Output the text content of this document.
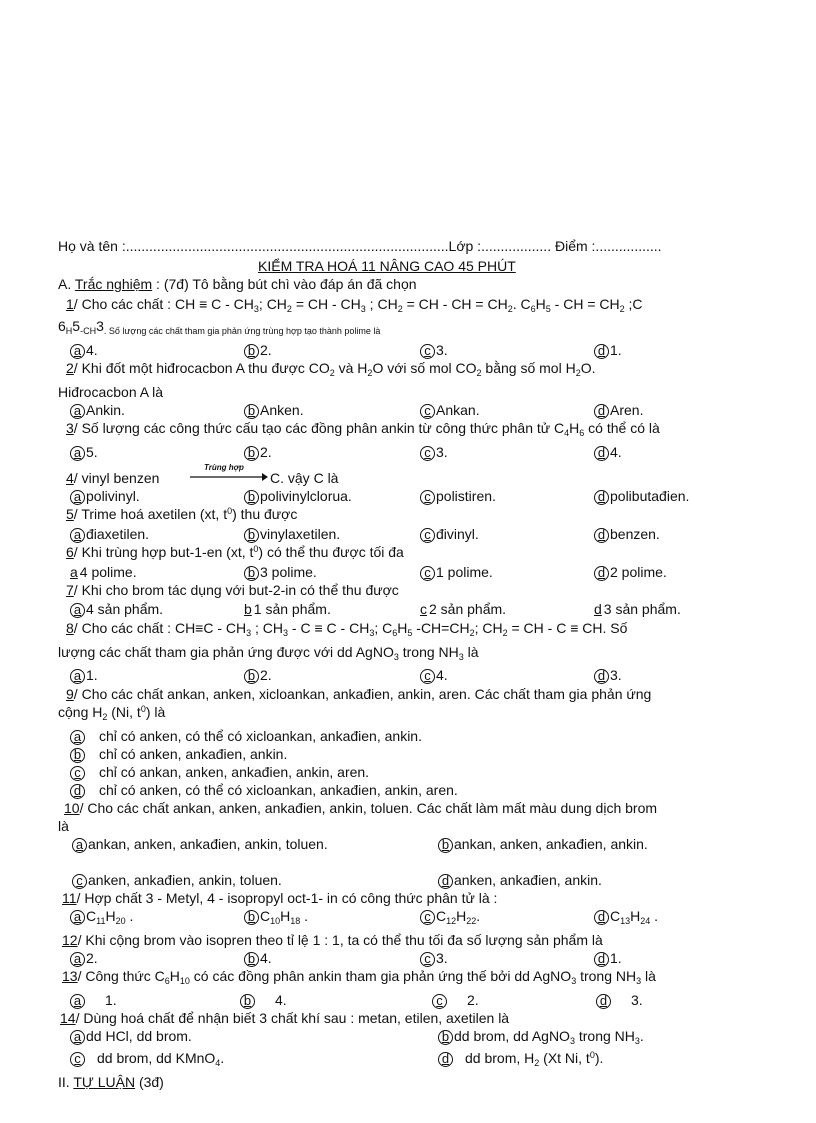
Họ và tên :...................................................................................Lớp :.................. Điểm :.................
KIỂM TRA HOÁ 11 NÂNG CAO 45 PHÚT
A. Trắc nghiệm : (7đ) Tô bằng bút chì vào đáp án đã chọn
1/ Cho các chất : CH ≡ C - $CH_3$; $CH_2$ = CH - $CH_3$ ; $CH_2$ = CH - CH = $CH_2$. $C_6H_5$ - CH = $CH_2$ ;C
$6_H5_{-CH}3_{. Số lượng các chất tham gia phản ứng trùng hợp tạo thành polime là}$
a 4.	b 2.	c 3.	d 1.
2/ Khi đốt một hiđrocacbon A thu được $CO_2$ và $H_2O$ với số mol $CO_2$ bằng số mol $H_2O$.
Hiđrocacbon A là
a Ankin.	b Anken.	c Ankan.	d Aren.
3/ Số lượng các công thức cấu tạo các đồng phân ankin từ công thức phân tử $C_4H_6$ có thể có là
a 5.	b 2.	c 3.	d 4.
4/ vinyl benzen
Trùng hợp
C. vậy C là
a polivinyl.	b polivinylclorua.	c polistiren.	d polibutađien.
5/ Trime hoá axetilen (xt, $t^0$) thu được
a điaxetilen.	b vinylaxetilen.	c đivinyl.	d benzen.
6/ Khi trùng hợp but-1-en (xt, $t^0$) có thể thu được tối đa
a 4 polime.	b 3 polime.	c 1 polime.	d 2 polime.
7/ Khi cho brom tác dụng với but-2-in có thể thu được
a 4 sản phẩm.	b 1 sản phẩm.	c 2 sản phẩm.	d 3 sản phẩm.
8/ Cho các chất : $CH\equiv C - CH_3$ ; $CH_3 - C \equiv C - CH_3$; $C_6H_5$ $-CH=CH_2$; $CH_2$ = CH - C ≡ CH. Số
lượng các chất tham gia phản ứng được với dd AgNO$_3$ trong $NH_3$ là
a 1.	b 2.	c 4.	d 3.
9/ Cho các chất ankan, anken, xicloankan, ankađien, ankin, aren. Các chất tham gia phản ứng
cộng $H_2$ (Ni, $t^0$) là
a chỉ có anken, có thể có xicloankan, ankađien, ankin.
b chỉ có anken, ankađien, ankin.
c chỉ có ankan, anken, ankađien, ankin, aren.
d chỉ có anken, có thể có xicloankan, ankađien, ankin, aren.
10/ Cho các chất ankan, anken, ankađien, ankin, toluen. Các chất làm mất màu dung dịch brom
là
a ankan, anken, ankađien, ankin, toluen.	b ankan, anken, ankađien, ankin.
c anken, ankađien, ankin, toluen.	d anken, ankađien, ankin.
11/ Hợp chất 3 - Metyl, 4 - isopropyl oct-1- in có công thức phân tử là :
a $C_{11}H_{20}$ .	b $C_{10}H_{18}$ .	c $C_{12}H_{22}$.	d $C_{13}H_{24}$ .
12/ Khi cộng brom vào isopren theo tỉ lệ 1 : 1, ta có thể thu tối đa số lượng sản phẩm là
a 2.	b 4.	c 3.	d 1.
13/ Công thức $C_6H_{10}$ có các đồng phân ankin tham gia phản ứng thế bởi dd AgNO$_3$ trong $NH_3$ là
a 1.	b 4.	c 2.	d 3.
14/ Dùng hoá chất để nhận biết 3 chất khí sau : metan, etilen, axetilen là
a dd HCl, dd brom.	b dd brom, dd AgNO$_3$ trong $NH_3$.
c dd brom, dd KMnO$_4$.	d dd brom, $H_2$ (Xt Ni, $t^0$).
II. TỰ LUẬN (3đ)
